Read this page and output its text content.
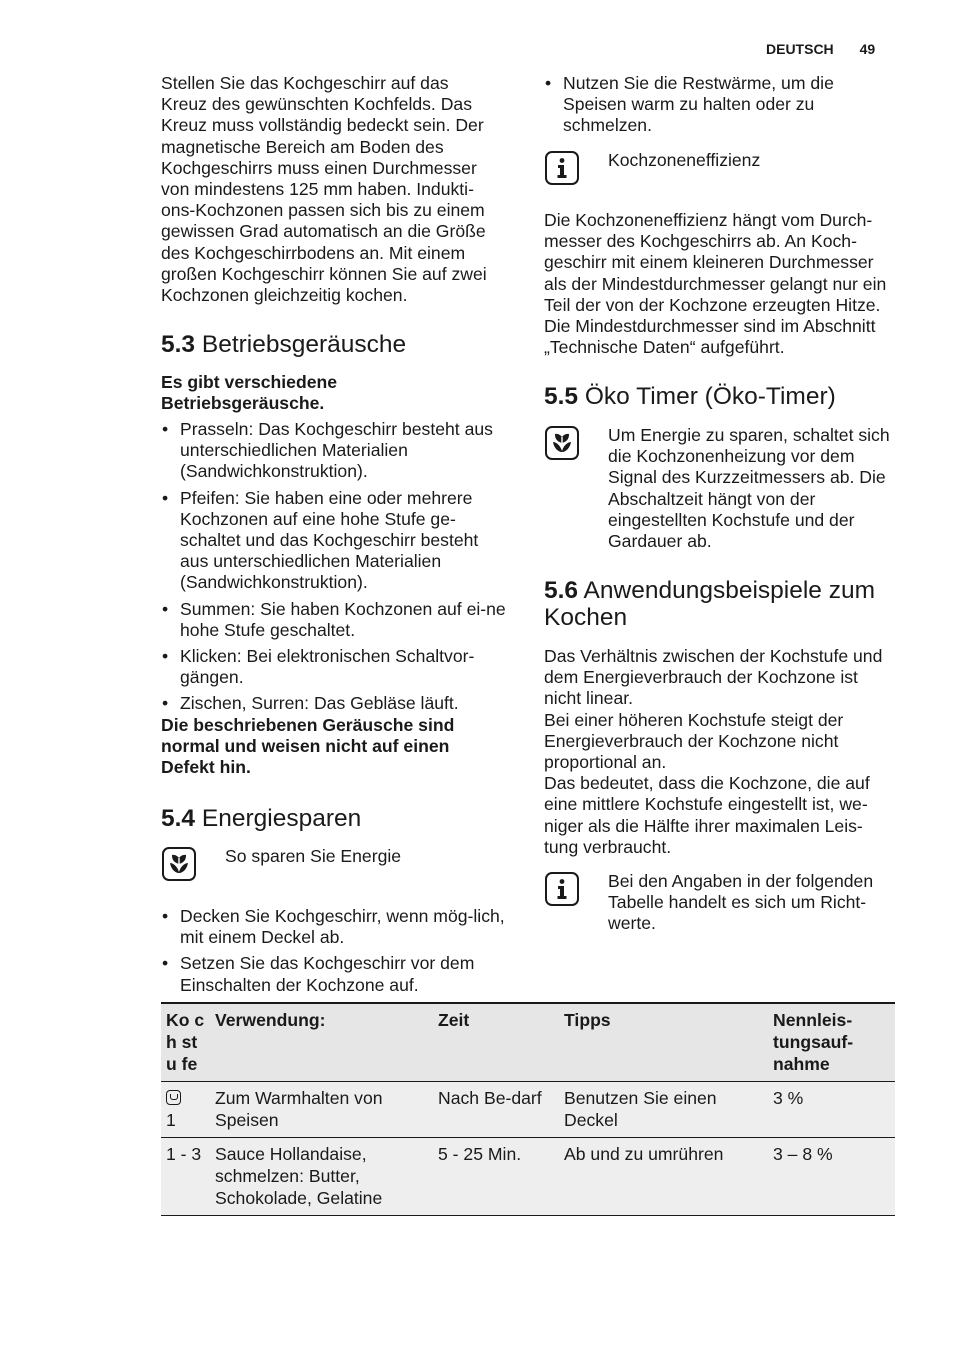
DEUTSCH 49
Stellen Sie das Kochgeschirr auf das
Kreuz des gewünschten Kochfelds. Das
Kreuz muss vollständig bedeckt sein. Der
magnetische Bereich am Boden des
Kochgeschirrs muss einen Durchmesser
von mindestens 125 mm haben. Indukti-
ons-Kochzonen passen sich bis zu einem
gewissen Grad automatisch an die Größe
des Kochgeschirrbodens an. Mit einem
großen Kochgeschirr können Sie auf zwei
Kochzonen gleichzeitig kochen.
5.3 Betriebsgeräusche

Es gibt verschiedene Betriebsgeräusche.

• Prasseln: Das Kochgeschirr besteht aus unterschiedlichen Materialien (Sandwichkonstruktion).
• Pfeifen: Sie haben eine oder mehrere Kochzonen auf eine hohe Stufe ge-schaltet und das Kochgeschirr besteht aus unterschiedlichen Materialien (Sandwichkonstruktion).
• Summen: Sie haben Kochzonen auf ei-ne hohe Stufe geschaltet.
• Klicken: Bei elektronischen Schaltvor-gängen.
• Zischen, Surren: Das Gebläse läuft.

Die beschriebenen Geräusche sind normal und weisen nicht auf einen Defekt hin.

5.4 Energiesparen

So sparen Sie Energie

• Decken Sie Kochgeschirr, wenn mög-lich, mit einem Deckel ab.
• Setzen Sie das Kochgeschirr vor dem Einschalten der Kochzone auf.
• Nutzen Sie die Restwärme, um die Speisen warm zu halten oder zu schmelzen.

Kochzoneneffizienz

Die Kochzoneneffizienz hängt vom Durch-messer des Kochgeschirrs ab. An Koch-geschirr mit einem kleineren Durchmesser als der Mindestdurchmesser gelangt nur ein Teil der von der Kochzone erzeugten Hitze. Die Mindestdurchmesser sind im Abschnitt „Technische Daten“ aufgeführt.

5.5 Öko Timer (Öko-Timer)

Um Energie zu sparen, schaltet sich die Kochzonenheizung vor dem Signal des Kurzzeitmessers ab. Die Abschaltzeit hängt von der eingestellten Kochstufe und der Gardauer ab.

5.6 Anwendungsbeispiele zum Kochen

Das Verhältnis zwischen der Kochstufe und dem Energieverbrauch der Kochzone ist nicht linear.

Bei einer höheren Kochstufe steigt der Energieverbrauch der Kochzone nicht proportional an.

Das bedeutet, dass die Kochzone, die auf eine mittlere Kochstufe eingestellt ist, we-niger als die Hälfte ihrer maximalen Leis-tung verbraucht.

Bei den Angaben in der folgenden Tabelle handelt es sich um Richt-werte.

Ko ch stu fe	Verwendung:	Zeit	Tipps	Nennleis-tungsauf-nahme

1	Zum Warmhalten von Speisen	Nach Be-darf	Benutzen Sie einen Deckel	3 %
1 - 3	Sauce Hollandaise, schmelzen: Butter, Schokolade, Gelatine	5 - 25 Min.	Ab und zu umrühren	3 – 8 %
